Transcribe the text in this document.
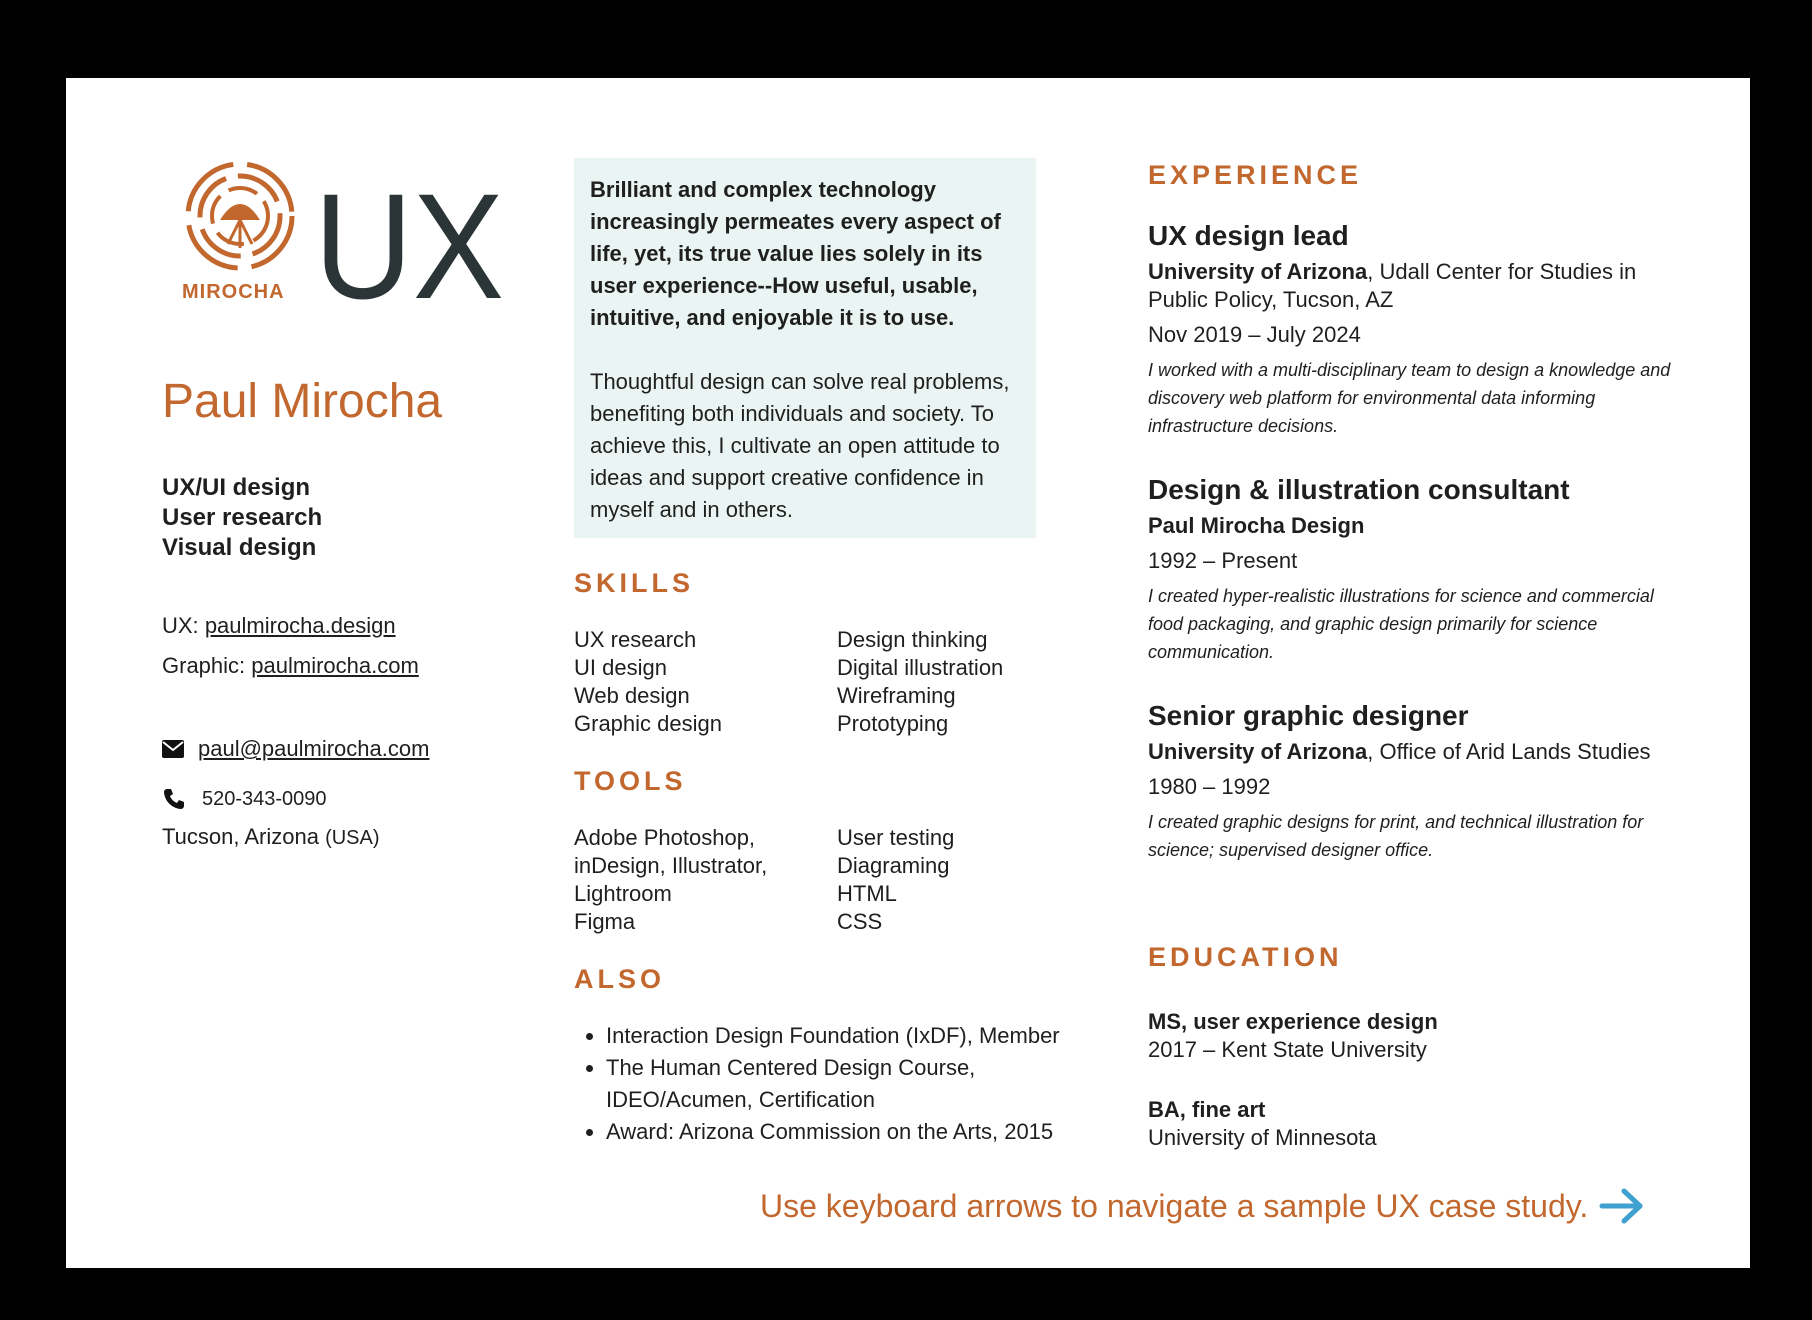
MIROCHA UX
Paul Mirocha
UX/UI design
User research
Visual design
UX: paulmirocha.design
Graphic: paulmirocha.com
paul@paulmirocha.com
520-343-0090
Tucson, Arizona (USA)

Brilliant and complex technology increasingly permeates every aspect of life, yet, its true value lies solely in its user experience--How useful, usable, intuitive, and enjoyable it is to use.

Thoughtful design can solve real problems, benefiting both individuals and society. To achieve this, I cultivate an open attitude to ideas and support creative confidence in myself and in others.

SKILLS
UX research	Design thinking
UI design	Digital illustration
Web design	Wireframing
Graphic design	Prototyping
TOOLS
Adobe Photoshop,	User testing
inDesign, Illustrator,	Diagraming
Lightroom	HTML
Figma	CSS
ALSO
• Interaction Design Foundation (IxDF), Member
• The Human Centered Design Course, IDEO/Acumen, Certification
• Award: Arizona Commission on the Arts, 2015
EXPERIENCE

UX design lead

University of Arizona, Udall Center for Studies in Public Policy, Tucson, AZ

Nov 2019 – July 2024

I worked with a multi-disciplinary team to design a knowledge and discovery web platform for environmental data informing infrastructure decisions.

Design & illustration consultant

Paul Mirocha Design

1992 – Present

I created hyper-realistic illustrations for science and commercial food packaging, and graphic design primarily for science communication.

Senior graphic designer

University of Arizona, Office of Arid Lands Studies

1980 – 1992

I created graphic designs for print, and technical illustration for science; supervised designer office.

EDUCATION
MS, user experience design
2017 – Kent State University
BA, fine art
University of Minnesota
Use keyboard arrows to navigate a sample UX case study.
